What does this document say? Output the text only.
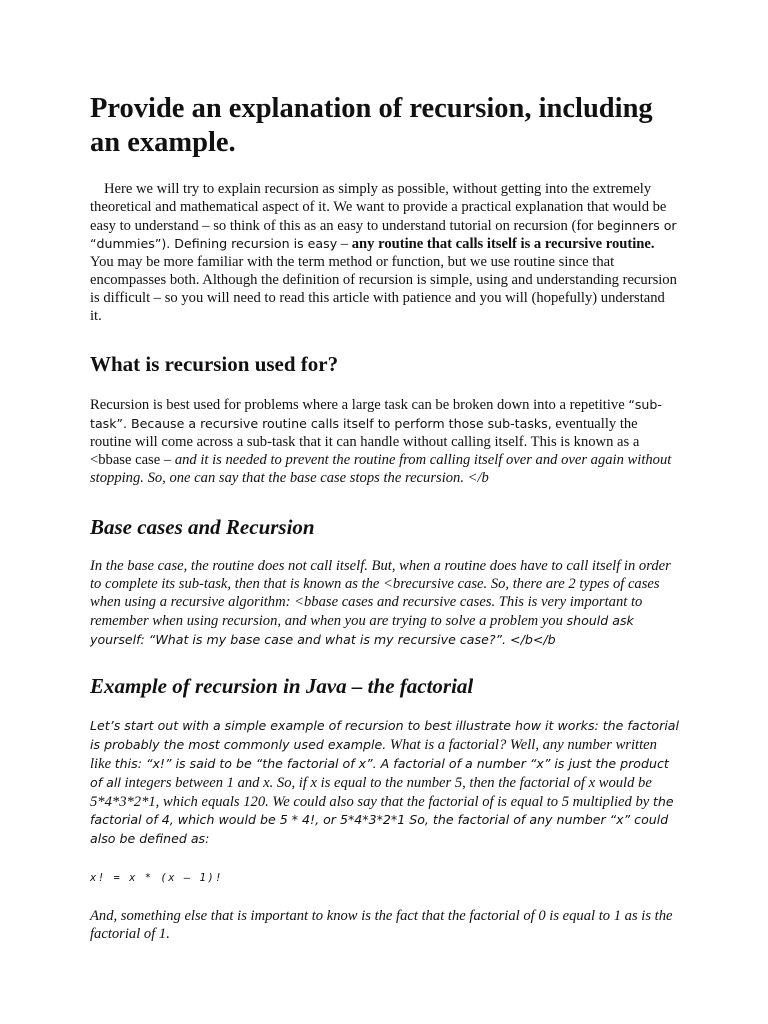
Provide an explanation of recursion, including an example.

Here we will try to explain recursion as simply as possible, without getting into the extremely theoretical and mathematical aspect of it. We want to provide a practical explanation that would be easy to understand – so think of this as an easy to understand tutorial on recursion (for beginners or “dummies”). Defining recursion is easy – any routine that calls itself is a recursive routine. You may be more familiar with the term method or function, but we use routine since that encompasses both. Although the definition of recursion is simple, using and understanding recursion is difficult – so you will need to read this article with patience and you will (hopefully) understand it.

What is recursion used for?

Recursion is best used for problems where a large task can be broken down into a repetitive “sub-task”. Because a recursive routine calls itself to perform those sub-tasks, eventually the routine will come across a sub-task that it can handle without calling itself. This is known as a <bbase case – and it is needed to prevent the routine from calling itself over and over again without stopping. So, one can say that the base case stops the recursion. </b

Base cases and Recursion

In the base case, the routine does not call itself. But, when a routine does have to call itself in order to complete its sub-task, then that is known as the <brecursive case. So, there are 2 types of cases when using a recursive algorithm: <bbase cases and recursive cases. This is very important to remember when using recursion, and when you are trying to solve a problem you should ask yourself: “What is my base case and what is my recursive case?”. </b</b

Example of recursion in Java – the factorial

Let’s start out with a simple example of recursion to best illustrate how it works: the factorial is probably the most commonly used example. What is a factorial? Well, any number written like this: “x!” is said to be “the factorial of x”. A factorial of a number “x” is just the product of all integers between 1 and x. So, if x is equal to the number 5, then the factorial of x would be 5*4*3*2*1, which equals 120. We could also say that the factorial of is equal to 5 multiplied by the factorial of 4, which would be 5 * 4!, or 5*4*3*2*1 So, the factorial of any number “x” could also be defined as:

x! = x * (x – 1)!

And, something else that is important to know is the fact that the factorial of 0 is equal to 1 as is the factorial of 1.
